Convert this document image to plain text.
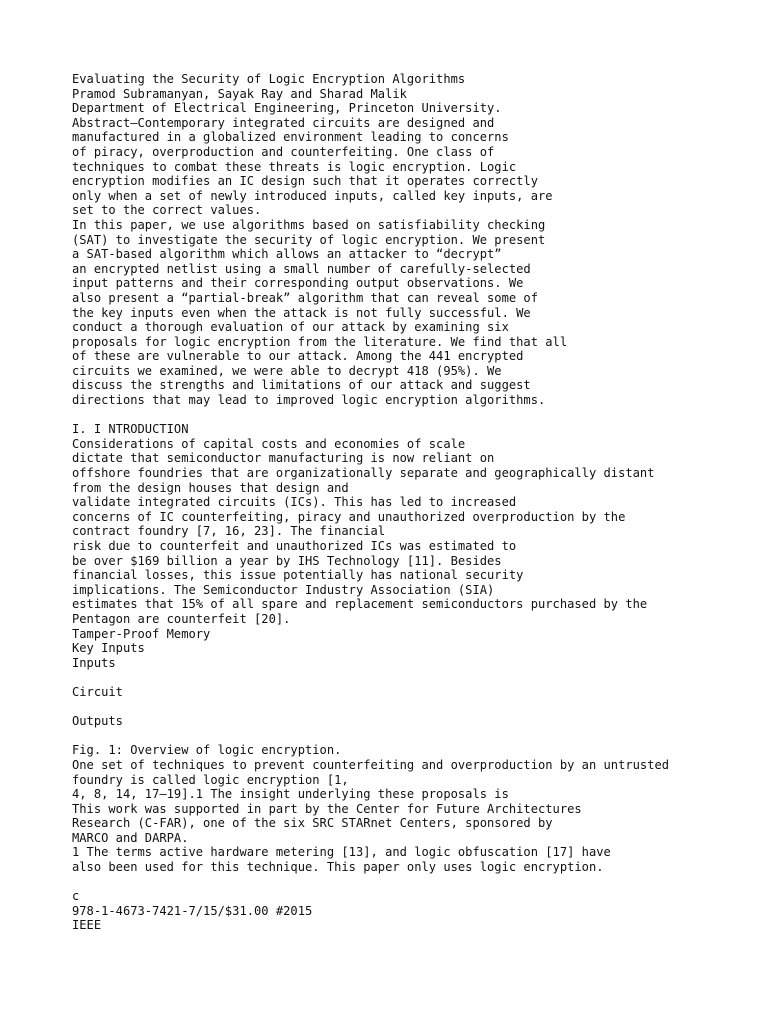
Evaluating the Security of Logic Encryption Algorithms
Pramod Subramanyan, Sayak Ray and Sharad Malik
Department of Electrical Engineering, Princeton University.
Abstract—Contemporary integrated circuits are designed and
manufactured in a globalized environment leading to concerns
of piracy, overproduction and counterfeiting. One class of
techniques to combat these threats is logic encryption. Logic
encryption modifies an IC design such that it operates correctly
only when a set of newly introduced inputs, called key inputs, are
set to the correct values.
In this paper, we use algorithms based on satisfiability checking
(SAT) to investigate the security of logic encryption. We present
a SAT-based algorithm which allows an attacker to “decrypt”
an encrypted netlist using a small number of carefully-selected
input patterns and their corresponding output observations. We
also present a “partial-break” algorithm that can reveal some of
the key inputs even when the attack is not fully successful. We
conduct a thorough evaluation of our attack by examining six
proposals for logic encryption from the literature. We find that all
of these are vulnerable to our attack. Among the 441 encrypted
circuits we examined, we were able to decrypt 418 (95%). We
discuss the strengths and limitations of our attack and suggest
directions that may lead to improved logic encryption algorithms.
I. I NTRODUCTION
Considerations of capital costs and economies of scale
dictate that semiconductor manufacturing is now reliant on
offshore foundries that are organizationally separate and geographically distant
from the design houses that design and
validate integrated circuits (ICs). This has led to increased
concerns of IC counterfeiting, piracy and unauthorized overproduction by the
contract foundry [7, 16, 23]. The financial
risk due to counterfeit and unauthorized ICs was estimated to
be over $169 billion a year by IHS Technology [11]. Besides
financial losses, this issue potentially has national security
implications. The Semiconductor Industry Association (SIA)
estimates that 15% of all spare and replacement semiconductors purchased by the
Pentagon are counterfeit [20].
Tamper-Proof Memory
Key Inputs
Inputs
Circuit
Outputs
Fig. 1: Overview of logic encryption.
One set of techniques to prevent counterfeiting and overproduction by an untrusted
foundry is called logic encryption [1,
4, 8, 14, 17–19].1 The insight underlying these proposals is
This work was supported in part by the Center for Future Architectures
Research (C-FAR), one of the six SRC STARnet Centers, sponsored by
MARCO and DARPA.
1 The terms active hardware metering [13], and logic obfuscation [17] have
also been used for this technique. This paper only uses logic encryption.
c
978-1-4673-7421-7/15/$31.00 #2015
IEEE
